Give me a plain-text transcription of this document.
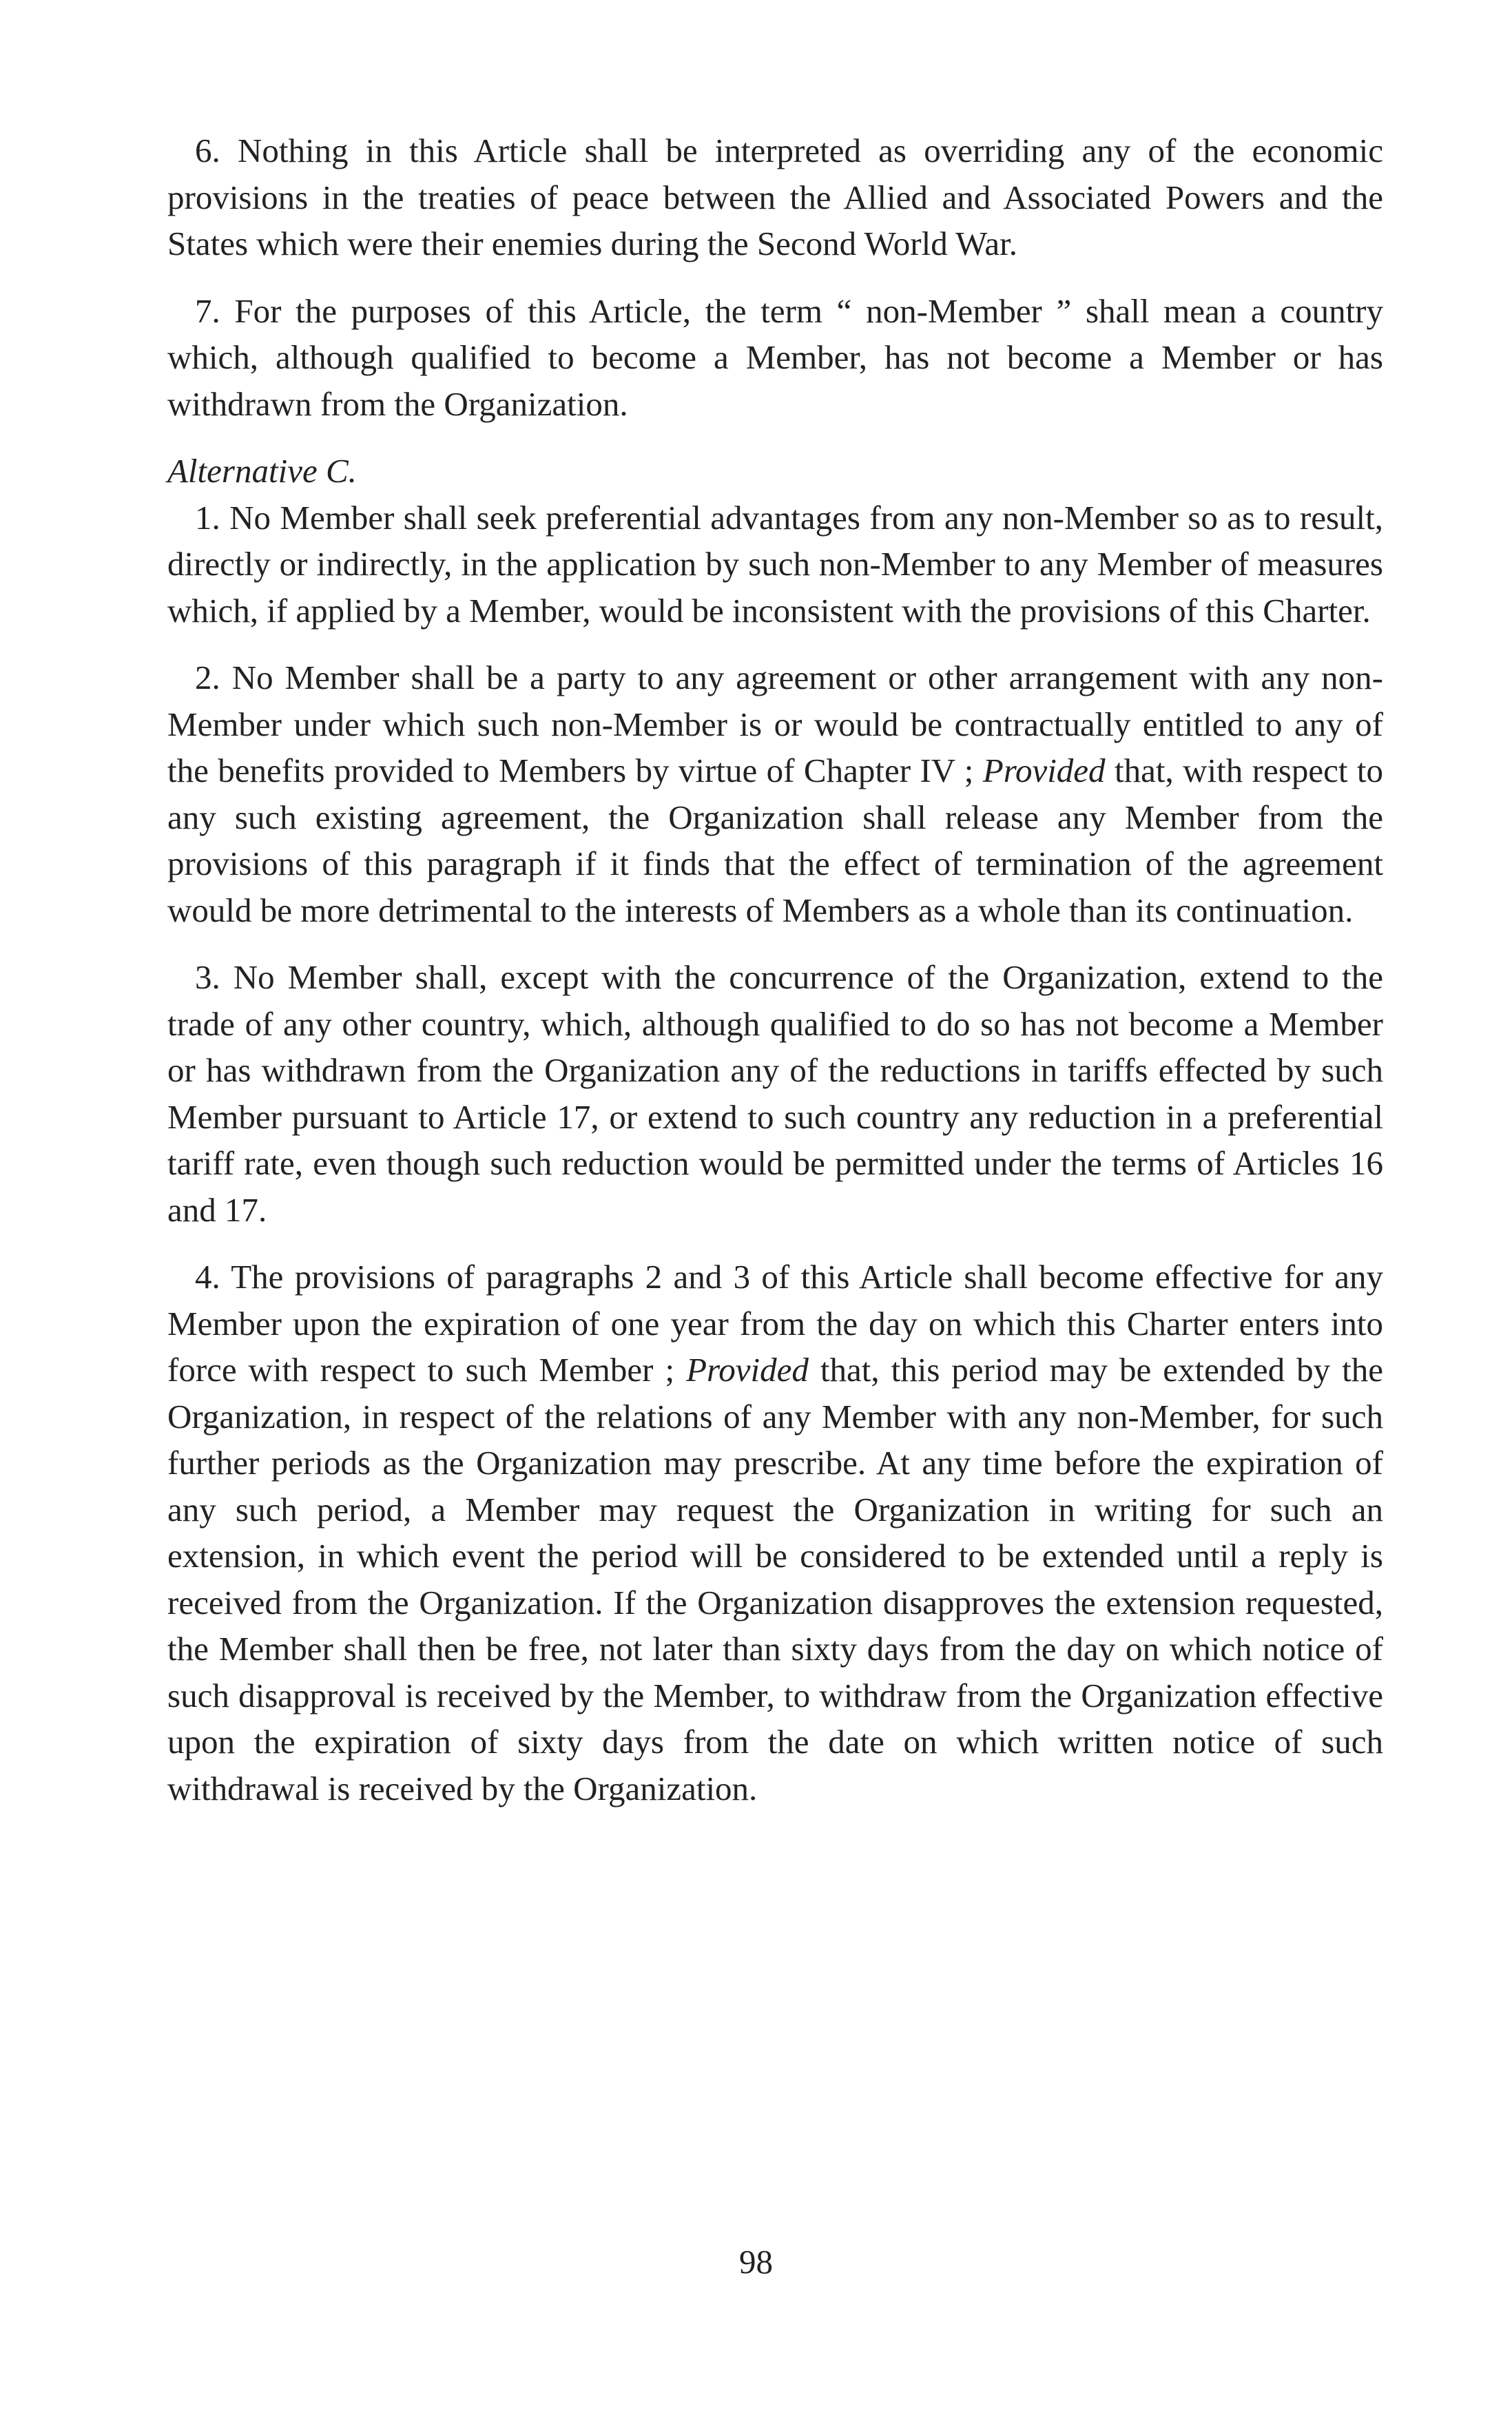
6. Nothing in this Article shall be interpreted as overriding any of the economic provisions in the treaties of peace between the Allied and Associated Powers and the States which were their enemies during the Second World War.

7. For the purposes of this Article, the term “ non-Member ” shall mean a country which, although qualified to become a Member, has not become a Member or has withdrawn from the Organization.

Alternative C.

1. No Member shall seek preferential advantages from any non-Member so as to result, directly or indirectly, in the application by such non-Member to any Member of measures which, if applied by a Member, would be inconsistent with the provisions of this Charter.

2. No Member shall be a party to any agreement or other arrangement with any non-Member under which such non-Member is or would be contractually entitled to any of the benefits provided to Members by virtue of Chapter IV ; Provided that, with respect to any such existing agreement, the Organization shall release any Member from the provisions of this paragraph if it finds that the effect of termination of the agreement would be more detrimental to the interests of Members as a whole than its continuation.

3. No Member shall, except with the concurrence of the Organization, extend to the trade of any other country, which, although qualified to do so has not become a Member or has withdrawn from the Organization any of the reductions in tariffs effected by such Member pursuant to Article 17, or extend to such country any reduction in a preferential tariff rate, even though such reduction would be permitted under the terms of Articles 16 and 17.

4. The provisions of paragraphs 2 and 3 of this Article shall become effective for any Member upon the expiration of one year from the day on which this Charter enters into force with respect to such Member ; Provided that, this period may be extended by the Organization, in respect of the relations of any Member with any non-Member, for such further periods as the Organization may prescribe. At any time before the expiration of any such period, a Member may request the Organization in writing for such an extension, in which event the period will be considered to be extended until a reply is received from the Organization. If the Organization disapproves the extension requested, the Member shall then be free, not later than sixty days from the day on which notice of such disapproval is received by the Member, to withdraw from the Organization effective upon the expiration of sixty days from the date on which written notice of such withdrawal is received by the Organization.

98
